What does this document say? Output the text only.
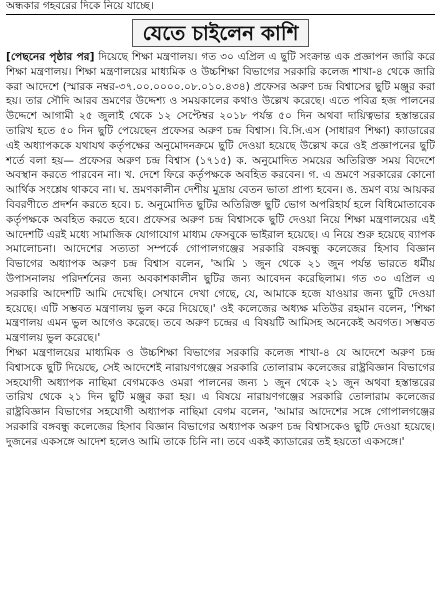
অন্ধকার গহবরের দিকে নিয়ে যাচ্ছে।
যেতে চাইলেন কাশি

[পেছনের পৃষ্ঠার পর] দিয়েছে শিক্ষা মন্ত্রণালয়। গত ৩০ এপ্রিল এ ছুটি সংক্রান্ত এক প্রজ্ঞাপন জারি করে শিক্ষা মন্ত্রণালয়। শিক্ষা মন্ত্রণালয়ের মাধ্যমিক ও উচ্চশিক্ষা বিভাগের সরকারি কলেজ শাখা-৪ থেকে জারি করা আদেশে (স্মারক নম্বর-৩৭.০০.০০০০.০৮.০১০.৪৩৪) প্রফেসর অরুণ চন্দ্র বিশ্বাসের ছুটি মঞ্জুর করা হয়। তার সৌদি আরব ভ্রমণের উদ্দেশ্য ও সময়কালের কথাও উল্লেখ করেছে। এতে পবিত্র হজ পালনের উদ্দেশে আগামী ২৫ জুলাই থেকে ১২ সেপ্টেম্বর ২০১৮ পর্যন্ত ৫০ দিন অথবা দায়িত্বভার হস্তান্তরের তারিখ হতে ৫০ দিন ছুটি পেয়েছেন প্রফেসর অরুণ চন্দ্র বিশ্বাস। বি.সি.এস (সাধারণ শিক্ষা) ক্যাডারের এই অধ্যাপককে যথাযথ কর্তৃপক্ষের অনুমোদনক্রমে ছুটি দেওয়া হয়েছে উল্লেখ করে ওই প্রজ্ঞাপনের ছুটি শর্তে বলা হয়— প্রফেসর অরুণ চন্দ্র বিশ্বাস (১৭১৫) ক. অনুমোদিত সময়ের অতিরিক্ত সময় বিদেশে অবস্থান করতে পারবেন না। খ. দেশে ফিরে কর্তৃপক্ষকে অবহিত করবেন। গ. এ ভ্রমণে সরকারের কোনো আর্থিক সংশ্লেষ থাকবে না। ঘ. ভ্রমণকালীন দেশীয় মুদ্রায় বেতন ভাতা প্রাপ্য হবেন। ঙ. ভ্রমণ ব্যয় আয়কর বিবরণীতে প্রদর্শন করতে হবে। চ. অনুমোদিত ছুটির অতিরিক্ত ছুটি ভোগ অপরিহার্য হলে বিধিমোতাবেক কর্তৃপক্ষকে অবহিত করতে হবে। প্রফেসর অরুণ চন্দ্র বিশ্বাসকে ছুটি দেওয়া নিয়ে শিক্ষা মন্ত্রণালয়ের এই আদেশটি এরই মধ্যে সামাজিক যোগাযোগ মাধ্যম ফেসবুকে ভাইরাল হয়েছে। এ নিয়ে শুরু হয়েছে ব্যাপক সমালোচনা। আদেশের সত্যতা সম্পর্কে গোপালগঞ্জের সরকারি বঙ্গবন্ধু কলেজের হিসাব বিজ্ঞান বিভাগের অধ্যাপক অরুণ চন্দ্র বিশ্বাস বলেন, 'আমি ১ জুন থেকে ২১ জুন পর্যন্ত ভারতে ধর্মীয় উপাসনালয় পরিদর্শনের জন্য অবকাশকালীন ছুটির জন্য আবেদন করেছিলাম। গত ৩০ এপ্রিল এ সরকারি আদেশটি আমি দেখেছি। সেখানে দেখা গেছে, যে, আমাকে হজে যাওয়ার জন্য ছুটি দেওয়া হয়েছে। এটি সম্ভবত মন্ত্রণালয় ভুল করে দিয়েছে।' ওই কলেজের অধ্যক্ষ মতিউর রহমান বলেন, 'শিক্ষা মন্ত্রণালয় এমন ভুল আগেও করেছে। তবে অরুণ চন্দ্রের এ বিষয়টি আমিসহ অনেকেই অবগত। সম্ভবত মন্ত্রণালয় ভুল করেছে।'

শিক্ষা মন্ত্রণালয়ের মাধ্যমিক ও উচ্চশিক্ষা বিভাগের সরকারি কলেজ শাখা-৪ যে আদেশে অরুণ চন্দ্র বিশ্বাসকে ছুটি দিয়েছে, সেই আদেশেই নারায়ণগঞ্জের সরকারি তোলারাম কলেজের রাষ্ট্রবিজ্ঞান বিভাগের সহযোগী অধ্যাপক নাছিমা বেগমকেও ওমরা পালনের জন্য ১ জুন থেকে ২১ জুন অথবা হস্তান্তরের তারিখ থেকে ২১ দিন ছুটি মঞ্জুর করা হয়। এ বিষয়ে নারায়ণগঞ্জের সরকারি তোলারাম কলেজের রাষ্ট্রবিজ্ঞান বিভাগের সহযোগী অধ্যাপক নাছিমা বেগম বলেন, 'আমার আদেশের সঙ্গে গোপালগঞ্জের সরকারি বঙ্গবন্ধু কলেজের হিসাব বিজ্ঞান বিভাগের অধ্যাপক অরুণ চন্দ্র বিশ্বাসকেও ছুটি দেওয়া হয়েছে। দুজনের একসঙ্গে আদেশ হলেও আমি তাকে চিনি না। তবে একই ক্যাডারের তই হয়তো একসঙ্গে।'
